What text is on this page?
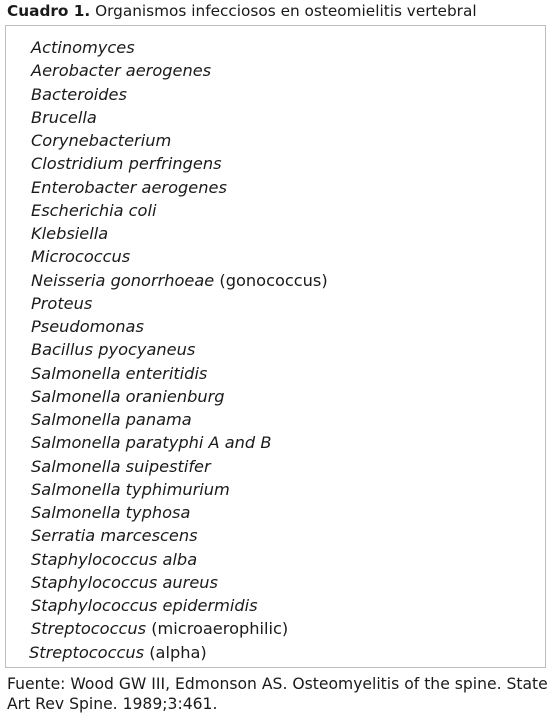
Cuadro 1. Organismos infecciosos en osteomielitis vertebral
Actinomyces
Aerobacter aerogenes
Bacteroides
Brucella
Corynebacterium
Clostridium perfringens
Enterobacter aerogenes
Escherichia coli
Klebsiella
Micrococcus
Neisseria gonorrhoeae (gonococcus)
Proteus
Pseudomonas
Bacillus pyocyaneus
Salmonella enteritidis
Salmonella oranienburg
Salmonella panama
Salmonella paratyphi A and B
Salmonella suipestifer
Salmonella typhimurium
Salmonella typhosa
Serratia marcescens
Staphylococcus alba
Staphylococcus aureus
Staphylococcus epidermidis
Streptococcus (microaerophilic)
Streptococcus (alpha)
Fuente: Wood GW III, Edmonson AS. Osteomyelitis of the spine. State Art Rev Spine. 1989;3:461.
